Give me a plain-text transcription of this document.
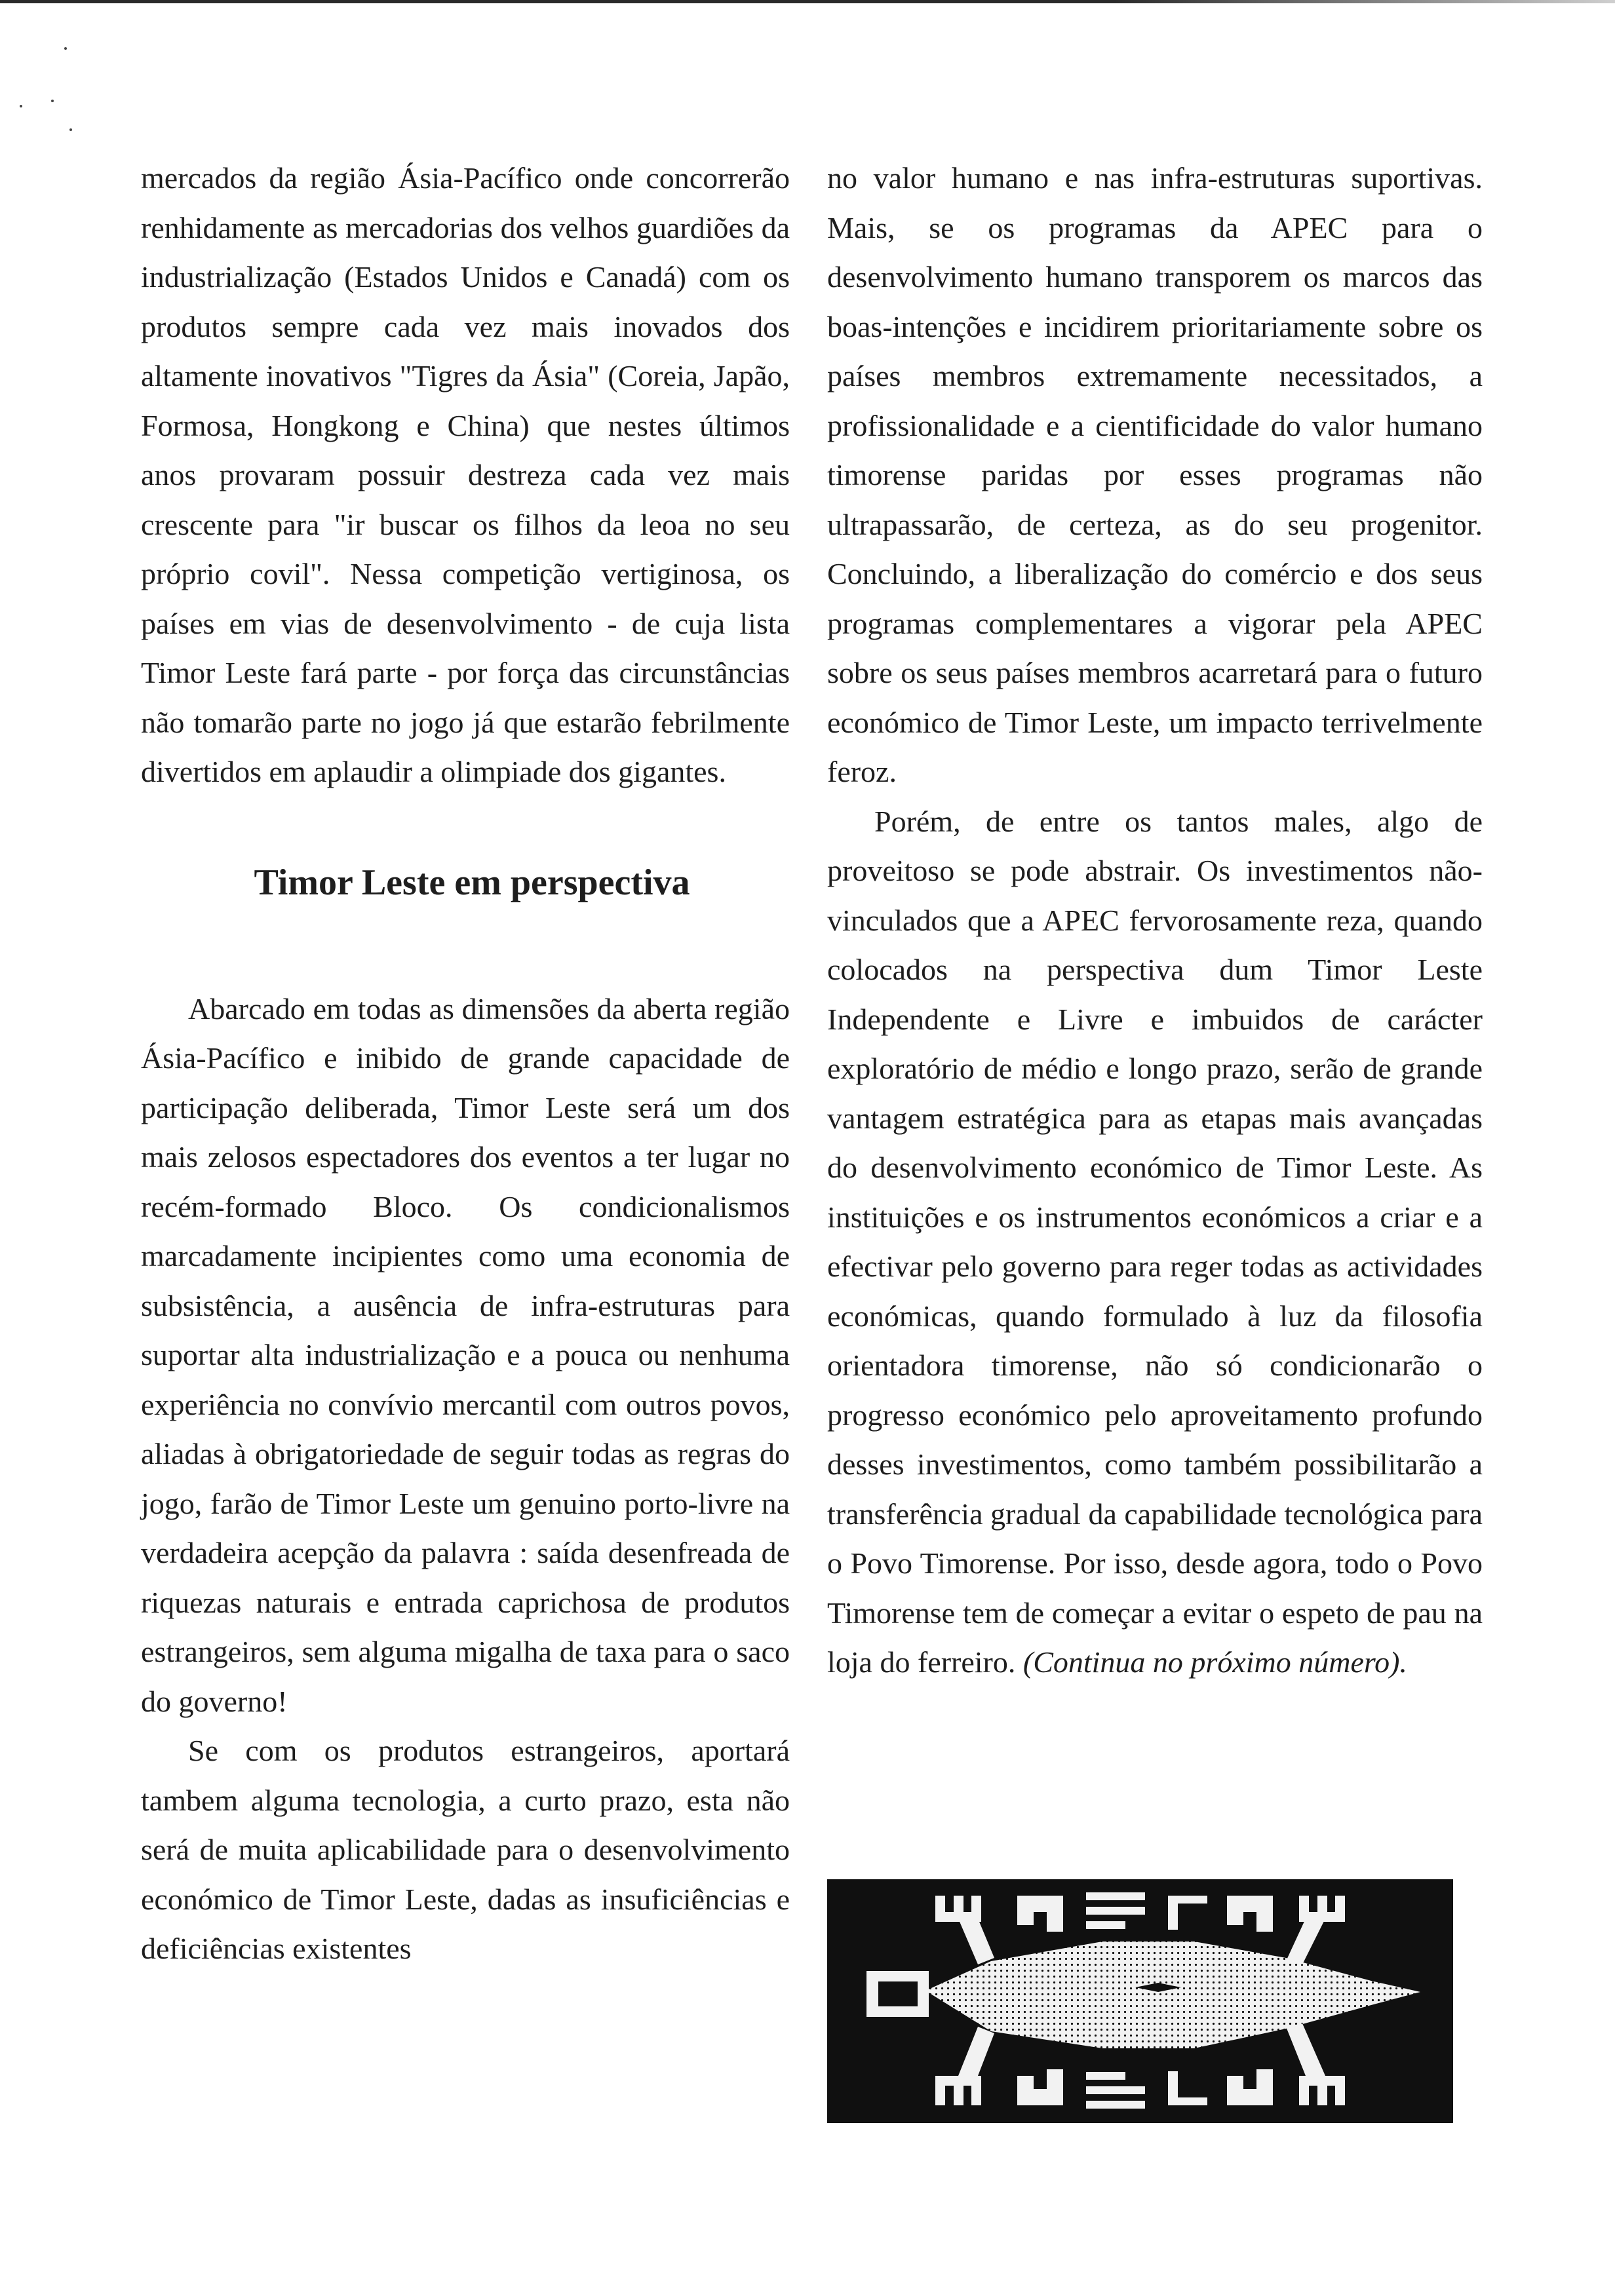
mercados da região Ásia-Pacífico onde concorrerão renhidamente as mercadorias dos velhos guardiões da industrialização (Estados Unidos e Canadá) com os produtos sempre cada vez mais inovados dos altamente inovativos "Tigres da Ásia" (Coreia, Japão, Formosa, Hongkong e China) que nestes últimos anos provaram possuir destreza cada vez mais crescente para "ir buscar os filhos da leoa no seu próprio covil". Nessa competição vertiginosa, os países em vias de desenvolvimento - de cuja lista Timor Leste fará parte - por força das circunstâncias não tomarão parte no jogo já que estarão febrilmente divertidos em aplaudir a olimpiade dos gigantes.

Timor Leste em perspectiva

Abarcado em todas as dimensões da aberta região Ásia-Pacífico e inibido de grande capacidade de participação deliberada, Timor Leste será um dos mais zelosos espectadores dos eventos a ter lugar no recém-formado Bloco. Os condicionalismos marcadamente incipientes como uma economia de subsistência, a ausência de infra-estruturas para suportar alta industrialização e a pouca ou nenhuma experiência no convívio mercantil com outros povos, aliadas à obrigatoriedade de seguir todas as regras do jogo, farão de Timor Leste um genuino porto-livre na verdadeira acepção da palavra : saída desenfreada de riquezas naturais e entrada caprichosa de produtos estrangeiros, sem alguma migalha de taxa para o saco do governo!

Se com os produtos estrangeiros, aportará tambem alguma tecnologia, a curto prazo, esta não será de muita aplicabilidade para o desenvolvimento económico de Timor Leste, dadas as insuficiências e deficiências existentes

no valor humano e nas infra-estruturas suportivas. Mais, se os programas da APEC para o desenvolvimento humano transporem os marcos das boas-intenções e incidirem prioritariamente sobre os países membros extremamente necessitados, a profissionalidade e a cientificidade do valor humano timorense paridas por esses programas não ultrapassarão, de certeza, as do seu progenitor. Concluindo, a liberalização do comércio e dos seus programas complementares a vigorar pela APEC sobre os seus países membros acarretará para o futuro económico de Timor Leste, um impacto terrivelmente feroz.

Porém, de entre os tantos males, algo de proveitoso se pode abstrair. Os investimentos não-vinculados que a APEC fervorosamente reza, quando colocados na perspectiva dum Timor Leste Independente e Livre e imbuidos de carácter exploratório de médio e longo prazo, serão de grande vantagem estratégica para as etapas mais avançadas do desenvolvimento económico de Timor Leste. As instituições e os instrumentos económicos a criar e a efectivar pelo governo para reger todas as actividades económicas, quando formulado à luz da filosofia orientadora timorense, não só condicionarão o progresso económico pelo aproveitamento profundo desses investimentos, como também possibilitarão a transferência gradual da capabilidade tecnológica para o Povo Timorense. Por isso, desde agora, todo o Povo Timorense tem de começar a evitar o espeto de pau na loja do ferreiro. (Continua no próximo número).
